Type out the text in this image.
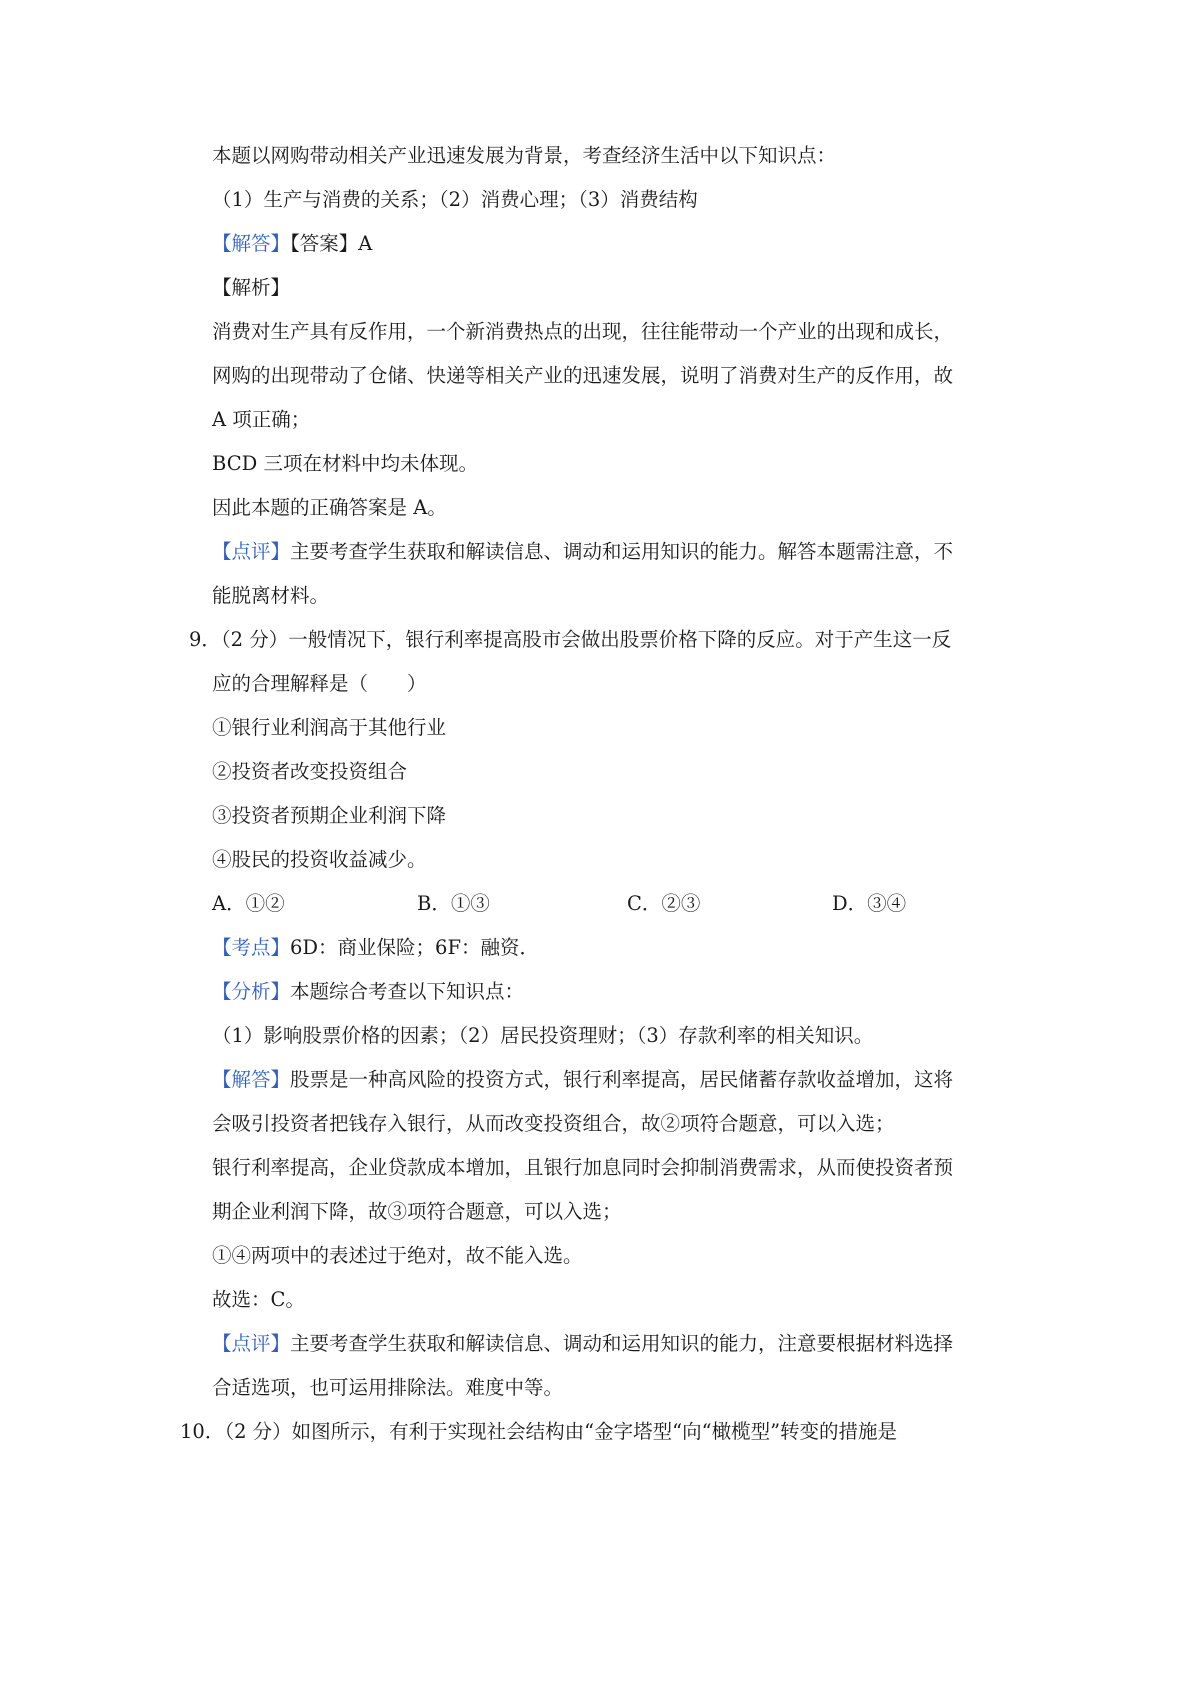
本题以网购带动相关产业迅速发展为背景，考查经济生活中以下知识点：
（1）生产与消费的关系；（2）消费心理；（3）消费结构
【解答】【答案】A
【解析】
消费对生产具有反作用，一个新消费热点的出现，往往能带动一个产业的出现和成长，
网购的出现带动了仓储、快递等相关产业的迅速发展，说明了消费对生产的反作用，故
A 项正确；
BCD 三项在材料中均未体现。
因此本题的正确答案是 A。
【点评】主要考查学生获取和解读信息、调动和运用知识的能力。解答本题需注意，不
能脱离材料。
9．（2 分）一般情况下，银行利率提高股市会做出股票价格下降的反应。对于产生这一反
应的合理解释是（　　）
①银行业利润高于其他行业
②投资者改变投资组合
③投资者预期企业利润下降
④股民的投资收益减少。
A．①②	B．①③	C．②③	D．③④
【考点】6D：商业保险；6F：融资．
【分析】本题综合考查以下知识点：
（1）影响股票价格的因素；（2）居民投资理财；（3）存款利率的相关知识。
【解答】股票是一种高风险的投资方式，银行利率提高，居民储蓄存款收益增加，这将
会吸引投资者把钱存入银行，从而改变投资组合，故②项符合题意，可以入选；
银行利率提高，企业贷款成本增加，且银行加息同时会抑制消费需求，从而使投资者预
期企业利润下降，故③项符合题意，可以入选；
①④两项中的表述过于绝对，故不能入选。
故选：C。
【点评】主要考查学生获取和解读信息、调动和运用知识的能力，注意要根据材料选择
合适选项，也可运用排除法。难度中等。
10．（2 分）如图所示，有利于实现社会结构由“金字塔型“向“橄榄型”转变的措施是
